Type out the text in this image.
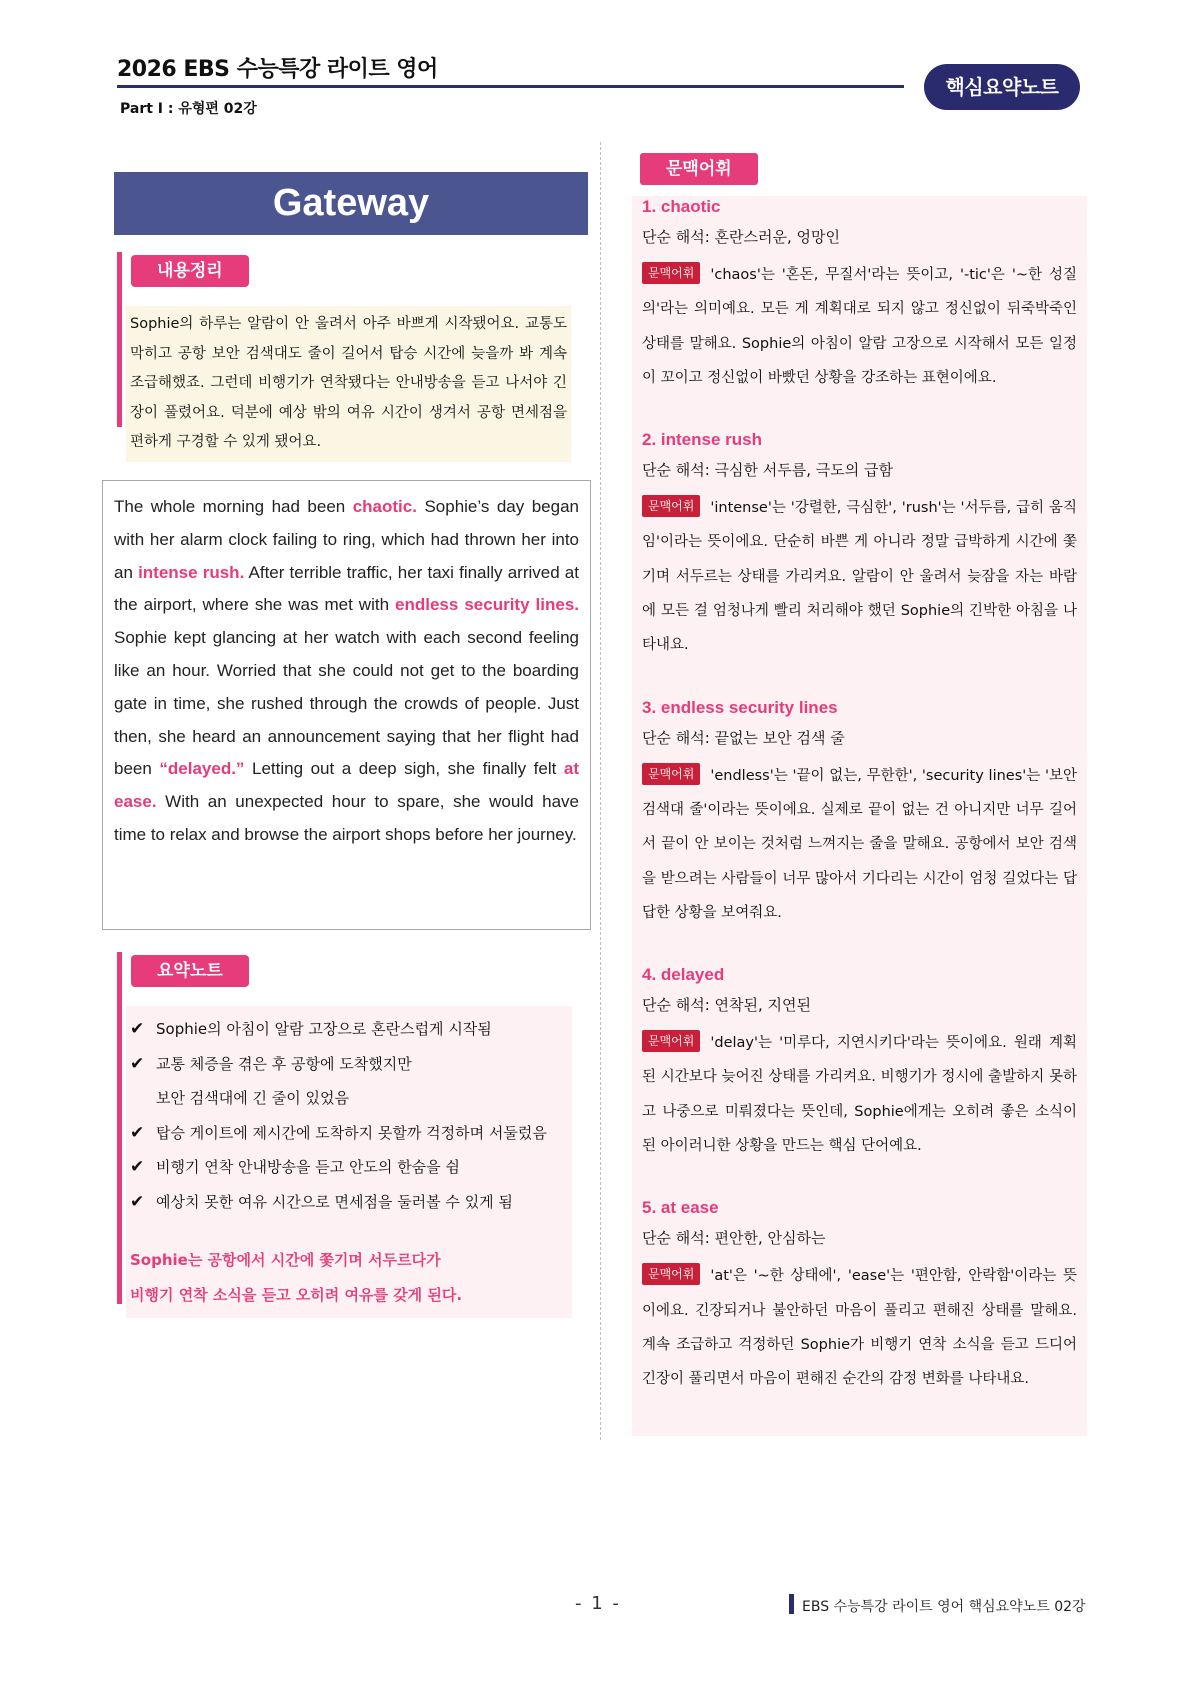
2026 EBS 수능특강 라이트 영어
Part Ⅰ : 유형편 02강
핵심요약노트
Gateway
내용정리
Sophie의 하루는 알람이 안 울려서 아주 바쁘게 시작됐어요. 교통도 막히고 공항 보안 검색대도 줄이 길어서 탑승 시간에 늦을까 봐 계속 조급해했죠. 그런데 비행기가 연착됐다는 안내방송을 듣고 나서야 긴장이 풀렸어요. 덕분에 예상 밖의 여유 시간이 생겨서 공항 면세점을 편하게 구경할 수 있게 됐어요.
The whole morning had been chaotic. Sophie’s day began with her alarm clock failing to ring, which had thrown her into an intense rush. After terrible traffic, her taxi finally arrived at the airport, where she was met with endless security lines. Sophie kept glancing at her watch with each second feeling like an hour. Worried that she could not get to the boarding gate in time, she rushed through the crowds of people. Just then, she heard an announcement saying that her flight had been “delayed.” Letting out a deep sigh, she finally felt at ease. With an unexpected hour to spare, she would have time to relax and browse the airport shops before her journey.
요약노트
✔ Sophie의 아침이 알람 고장으로 혼란스럽게 시작됨
✔ 교통 체증을 겪은 후 공항에 도착했지만
보안 검색대에 긴 줄이 있었음
✔ 탑승 게이트에 제시간에 도착하지 못할까 걱정하며 서둘렀음
✔ 비행기 연착 안내방송을 듣고 안도의 한숨을 쉼
✔ 예상치 못한 여유 시간으로 면세점을 둘러볼 수 있게 됨
Sophie는 공항에서 시간에 쫓기며 서두르다가
비행기 연착 소식을 듣고 오히려 여유를 갖게 된다.
문맥어휘
1. chaotic
단순 해석: 혼란스러운, 엉망인
문맥어휘 'chaos'는 '혼돈, 무질서'라는 뜻이고, '-tic'은 '~한 성질의'라는 의미예요. 모든 게 계획대로 되지 않고 정신없이 뒤죽박죽인 상태를 말해요. Sophie의 아침이 알람 고장으로 시작해서 모든 일정이 꼬이고 정신없이 바빴던 상황을 강조하는 표현이에요.
2. intense rush
단순 해석: 극심한 서두름, 극도의 급함
문맥어휘 'intense'는 '강렬한, 극심한', 'rush'는 '서두름, 급히 움직임'이라는 뜻이에요. 단순히 바쁜 게 아니라 정말 급박하게 시간에 쫓기며 서두르는 상태를 가리켜요. 알람이 안 울려서 늦잠을 자는 바람에 모든 걸 엄청나게 빨리 처리해야 했던 Sophie의 긴박한 아침을 나타내요.
3. endless security lines
단순 해석: 끝없는 보안 검색 줄
문맥어휘 'endless'는 '끝이 없는, 무한한', 'security lines'는 '보안 검색대 줄'이라는 뜻이에요. 실제로 끝이 없는 건 아니지만 너무 길어서 끝이 안 보이는 것처럼 느껴지는 줄을 말해요. 공항에서 보안 검색을 받으려는 사람들이 너무 많아서 기다리는 시간이 엄청 길었다는 답답한 상황을 보여줘요.
4. delayed
단순 해석: 연착된, 지연된
문맥어휘 'delay'는 '미루다, 지연시키다'라는 뜻이에요. 원래 계획된 시간보다 늦어진 상태를 가리켜요. 비행기가 정시에 출발하지 못하고 나중으로 미뤄졌다는 뜻인데, Sophie에게는 오히려 좋은 소식이 된 아이러니한 상황을 만드는 핵심 단어예요.
5. at ease
단순 해석: 편안한, 안심하는
문맥어휘 'at'은 '~한 상태에', 'ease'는 '편안함, 안락함'이라는 뜻이에요. 긴장되거나 불안하던 마음이 풀리고 편해진 상태를 말해요. 계속 조급하고 걱정하던 Sophie가 비행기 연착 소식을 듣고 드디어 긴장이 풀리면서 마음이 편해진 순간의 감정 변화를 나타내요.
- 1 -	EBS 수능특강 라이트 영어 핵심요약노트 02강
